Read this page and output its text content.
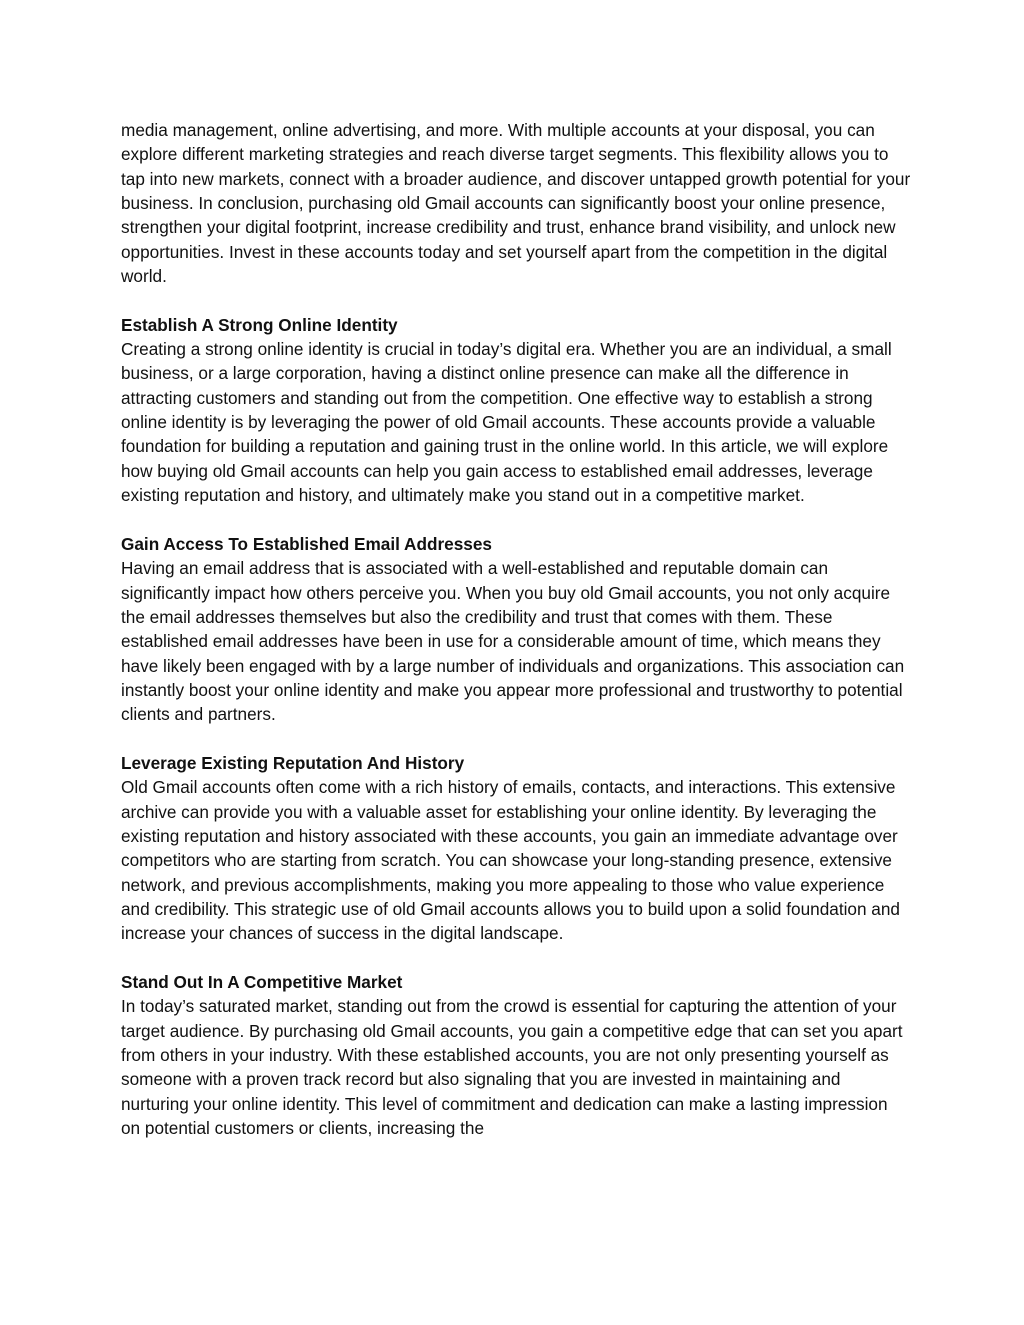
media management, online advertising, and more. With multiple accounts at your disposal, you can explore different marketing strategies and reach diverse target segments. This flexibility allows you to tap into new markets, connect with a broader audience, and discover untapped growth potential for your business. In conclusion, purchasing old Gmail accounts can significantly boost your online presence, strengthen your digital footprint, increase credibility and trust, enhance brand visibility, and unlock new opportunities. Invest in these accounts today and set yourself apart from the competition in the digital world.

Establish A Strong Online Identity

Creating a strong online identity is crucial in today’s digital era. Whether you are an individual, a small business, or a large corporation, having a distinct online presence can make all the difference in attracting customers and standing out from the competition. One effective way to establish a strong online identity is by leveraging the power of old Gmail accounts. These accounts provide a valuable foundation for building a reputation and gaining trust in the online world. In this article, we will explore how buying old Gmail accounts can help you gain access to established email addresses, leverage existing reputation and history, and ultimately make you stand out in a competitive market.

Gain Access To Established Email Addresses

Having an email address that is associated with a well-established and reputable domain can significantly impact how others perceive you. When you buy old Gmail accounts, you not only acquire the email addresses themselves but also the credibility and trust that comes with them. These established email addresses have been in use for a considerable amount of time, which means they have likely been engaged with by a large number of individuals and organizations. This association can instantly boost your online identity and make you appear more professional and trustworthy to potential clients and partners.

Leverage Existing Reputation And History

Old Gmail accounts often come with a rich history of emails, contacts, and interactions. This extensive archive can provide you with a valuable asset for establishing your online identity. By leveraging the existing reputation and history associated with these accounts, you gain an immediate advantage over competitors who are starting from scratch. You can showcase your long-standing presence, extensive network, and previous accomplishments, making you more appealing to those who value experience and credibility. This strategic use of old Gmail accounts allows you to build upon a solid foundation and increase your chances of success in the digital landscape.

Stand Out In A Competitive Market

In today’s saturated market, standing out from the crowd is essential for capturing the attention of your target audience. By purchasing old Gmail accounts, you gain a competitive edge that can set you apart from others in your industry. With these established accounts, you are not only presenting yourself as someone with a proven track record but also signaling that you are invested in maintaining and nurturing your online identity. This level of commitment and dedication can make a lasting impression on potential customers or clients, increasing the
